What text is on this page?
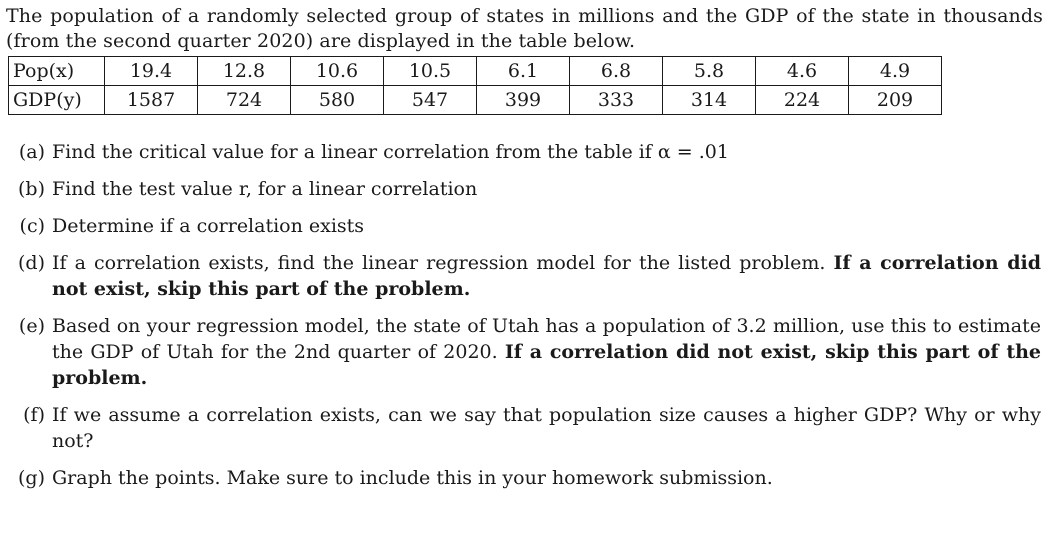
The population of a randomly selected group of states in millions and the GDP of the state in thousands (from the second quarter 2020) are displayed in the table below.

Pop(x)	19.4	12.8	10.6	10.5	6.1	6.8	5.8	4.6	4.9
GDP(y)	1587	724	580	547	399	333	314	224	209
(a) Find the critical value for a linear correlation from the table if α = .01
(b) Find the test value r, for a linear correlation
(c) Determine if a correlation exists
(d) If a correlation exists, find the linear regression model for the listed problem. If a correlation did not exist, skip this part of the problem.
(e) Based on your regression model, the state of Utah has a population of 3.2 million, use this to estimate the GDP of Utah for the 2nd quarter of 2020. If a correlation did not exist, skip this part of the problem.
(f) If we assume a correlation exists, can we say that population size causes a higher GDP? Why or why not?
(g) Graph the points. Make sure to include this in your homework submission.
